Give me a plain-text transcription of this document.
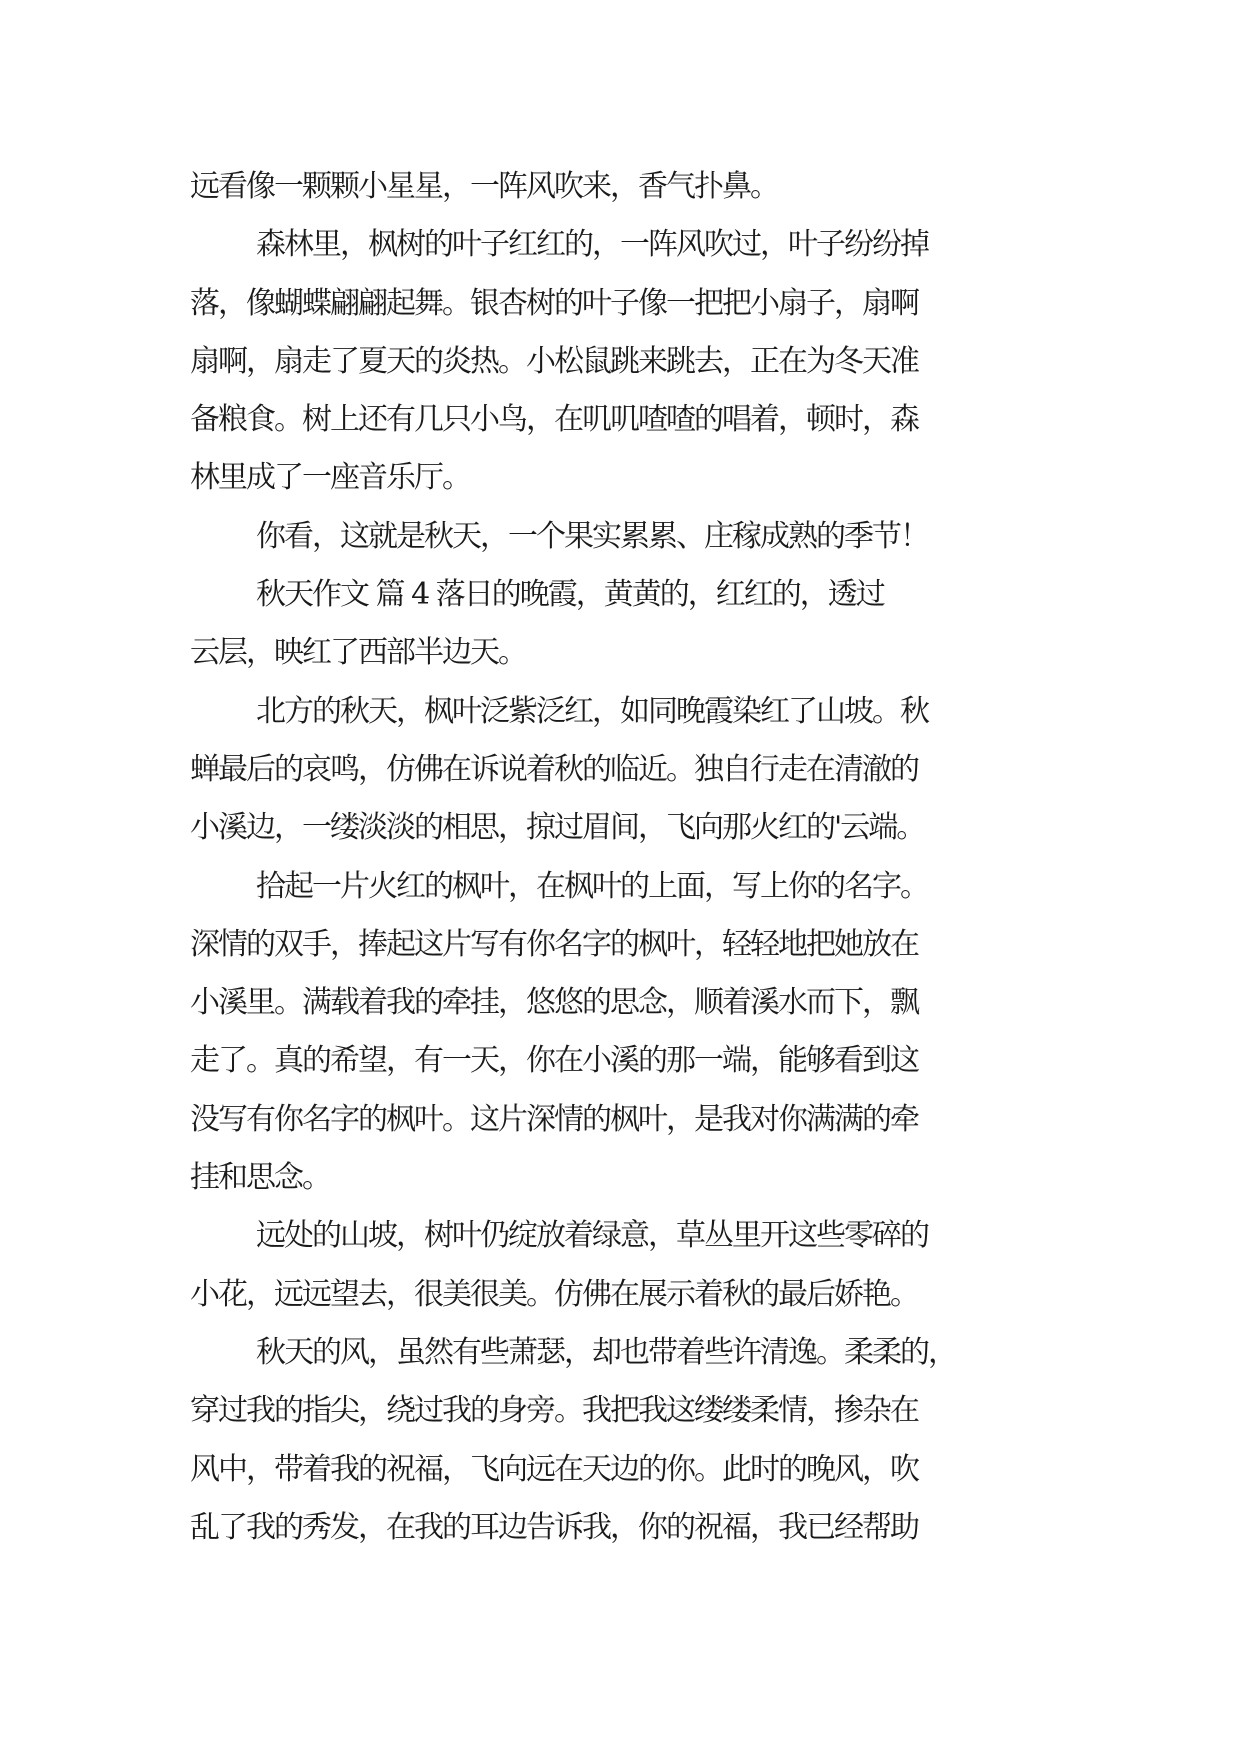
远看像一颗颗小星星，一阵风吹来，香气扑鼻。
森林里，枫树的叶子红红的，一阵风吹过，叶子纷纷掉
落，像蝴蝶翩翩起舞。银杏树的叶子像一把把小扇子，扇啊
扇啊，扇走了夏天的炎热。小松鼠跳来跳去，正在为冬天准
备粮食。树上还有几只小鸟，在叽叽喳喳的唱着，顿时，森
林里成了一座音乐厅。
你看，这就是秋天，一个果实累累、庄稼成熟的季节！
秋天作文 篇 4 落日的晚霞，黄黄的，红红的，透过
云层，映红了西部半边天。
北方的秋天，枫叶泛紫泛红，如同晚霞染红了山坡。秋
蝉最后的哀鸣，仿佛在诉说着秋的临近。独自行走在清澈的
小溪边，一缕淡淡的相思，掠过眉间，飞向那火红的'云端。
拾起一片火红的枫叶，在枫叶的上面，写上你的名字。
深情的双手，捧起这片写有你名字的枫叶，轻轻地把她放在
小溪里。满载着我的牵挂，悠悠的思念，顺着溪水而下，飘
走了。真的希望，有一天，你在小溪的那一端，能够看到这
没写有你名字的枫叶。这片深情的枫叶，是我对你满满的牵
挂和思念。
远处的山坡，树叶仍绽放着绿意，草丛里开这些零碎的
小花，远远望去，很美很美。仿佛在展示着秋的最后娇艳。
秋天的风，虽然有些萧瑟，却也带着些许清逸。柔柔的，
穿过我的指尖，绕过我的身旁。我把我这缕缕柔情，掺杂在
风中，带着我的祝福，飞向远在天边的你。此时的晚风，吹
乱了我的秀发，在我的耳边告诉我，你的祝福，我已经帮助
